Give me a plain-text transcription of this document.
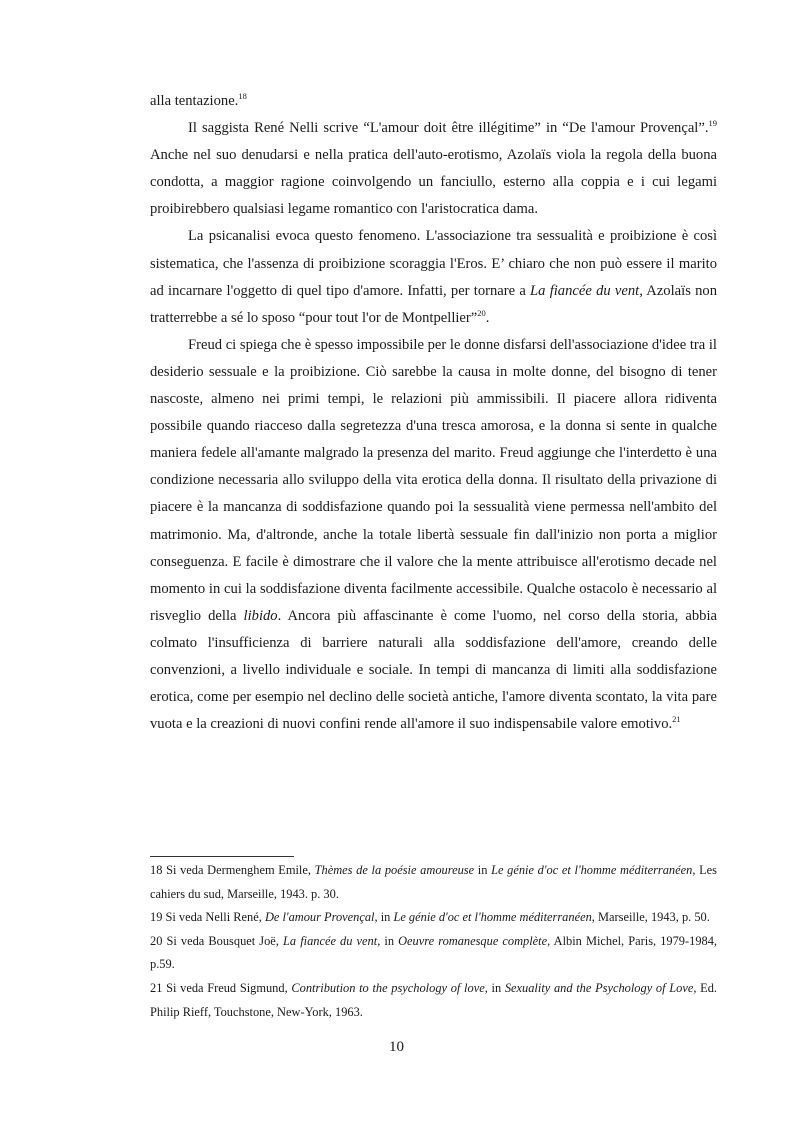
alla tentazione.$^{18}$

Il saggista René Nelli scrive “L'amour doit être illégitime” in “De l'amour Provençal”.$^{19}$ Anche nel suo denudarsi e nella pratica dell'auto-erotismo, Azolaïs viola la regola della buona condotta, a maggior ragione coinvolgendo un fanciullo, esterno alla coppia e i cui legami proibirebbero qualsiasi legame romantico con l'aristocratica dama.

La psicanalisi evoca questo fenomeno. L'associazione tra sessualità e proibizione è così sistematica, che l'assenza di proibizione scoraggia l'Eros. E’ chiaro che non può essere il marito ad incarnare l'oggetto di quel tipo d'amore. Infatti, per tornare a La fiancée du vent, Azolaïs non tratterrebbe a sé lo sposo “pour tout l'or de Montpellier”$^{20}$.

Freud ci spiega che è spesso impossibile per le donne disfarsi dell'associazione d'idee tra il desiderio sessuale e la proibizione. Ciò sarebbe la causa in molte donne, del bisogno di tener nascoste, almeno nei primi tempi, le relazioni più ammissibili. Il piacere allora ridiventa possibile quando riacceso dalla segretezza d'una tresca amorosa, e la donna si sente in qualche maniera fedele all'amante malgrado la presenza del marito. Freud aggiunge che l'interdetto è una condizione necessaria allo sviluppo della vita erotica della donna. Il risultato della privazione di piacere è la mancanza di soddisfazione quando poi la sessualità viene permessa nell'ambito del matrimonio. Ma, d'altronde, anche la totale libertà sessuale fin dall'inizio non porta a miglior conseguenza. E facile è dimostrare che il valore che la mente attribuisce all'erotismo decade nel momento in cui la soddisfazione diventa facilmente accessibile. Qualche ostacolo è necessario al risveglio della libido. Ancora più affascinante è come l'uomo, nel corso della storia, abbia colmato l'insufficienza di barriere naturali alla soddisfazione dell'amore, creando delle convenzioni, a livello individuale e sociale. In tempi di mancanza di limiti alla soddisfazione erotica, come per esempio nel declino delle società antiche, l'amore diventa scontato, la vita pare vuota e la creazioni di nuovi confini rende all'amore il suo indispensabile valore emotivo.$^{21}$

18 Si veda Dermenghem Emile, Thèmes de la poésie amoureuse in Le génie d'oc et l'homme méditerranéen, Les cahiers du sud, Marseille, 1943. p. 30.

19 Si veda Nelli René, De l'amour Provençal, in Le génie d'oc et l'homme méditerranéen, Marseille, 1943, p. 50.

20 Si veda Bousquet Joë, La fiancée du vent, in Oeuvre romanesque complète, Albin Michel, Paris, 1979-1984, p.59.

21 Si veda Freud Sigmund, Contribution to the psychology of love, in Sexuality and the Psychology of Love, Ed. Philip Rieff, Touchstone, New-York, 1963.

10
